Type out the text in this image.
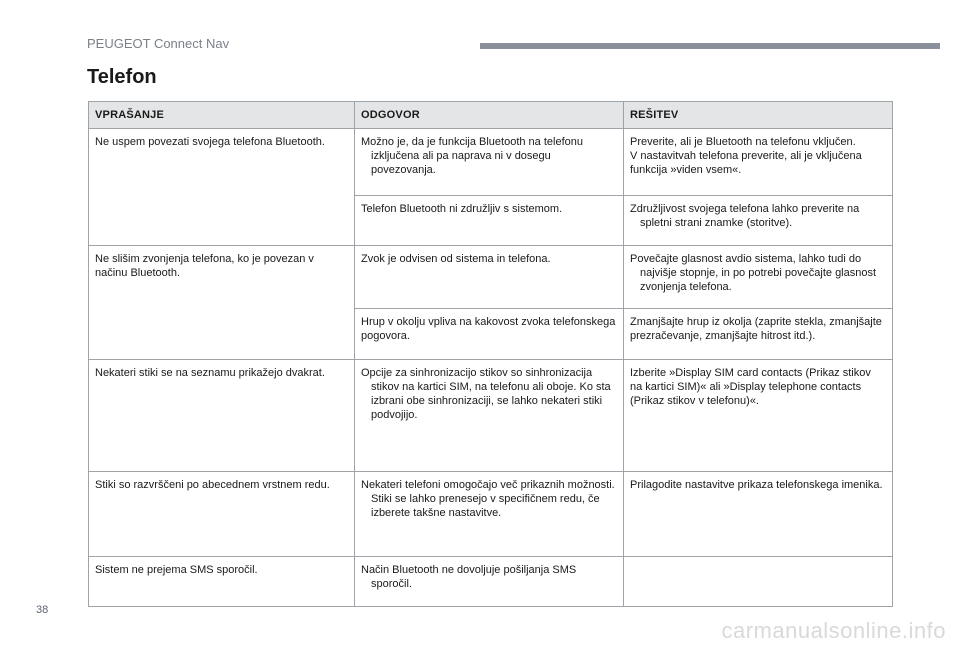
PEUGEOT Connect Nav
Telefon
VPRAŠANJE	ODGOVOR	REŠITEV

Ne uspem povezati svojega telefona Bluetooth.	Možno je, da je funkcija Bluetooth na telefonu izključena ali pa naprava ni v dosegu povezovanja.	Preverite, ali je Bluetooth na telefonu vključen.
V nastavitvah telefona preverite, ali je vključena funkcija »viden vsem«.

	Telefon Bluetooth ni združljiv s sistemom.	Združljivost svojega telefona lahko preverite na spletni strani znamke (storitve).

Ne slišim zvonjenja telefona, ko je povezan v načinu Bluetooth.	Zvok je odvisen od sistema in telefona.	Povečajte glasnost avdio sistema, lahko tudi do najvišje stopnje, in po potrebi povečajte glasnost zvonjenja telefona.

	Hrup v okolju vpliva na kakovost zvoka telefonskega pogovora.	Zmanjšajte hrup iz okolja (zaprite stekla, zmanjšajte prezračevanje, zmanjšajte hitrost itd.).

Nekateri stiki se na seznamu prikažejo dvakrat.	Opcije za sinhronizacijo stikov so sinhronizacija stikov na kartici SIM, na telefonu ali oboje. Ko sta izbrani obe sinhronizaciji, se lahko nekateri stiki podvojijo.	Izberite »Display SIM card contacts (Prikaz stikov na kartici SIM)« ali »Display telephone contacts (Prikaz stikov v telefonu)«.

Stiki so razvrščeni po abecednem vrstnem redu.	Nekateri telefoni omogočajo več prikaznih možnosti. Stiki se lahko prenesejo v specifičnem redu, če izberete takšne nastavitve.	Prilagodite nastavitve prikaza telefonskega imenika.

Sistem ne prejema SMS sporočil.	Način Bluetooth ne dovoljuje pošiljanja SMS sporočil.	

38
carmanualsonline.info
